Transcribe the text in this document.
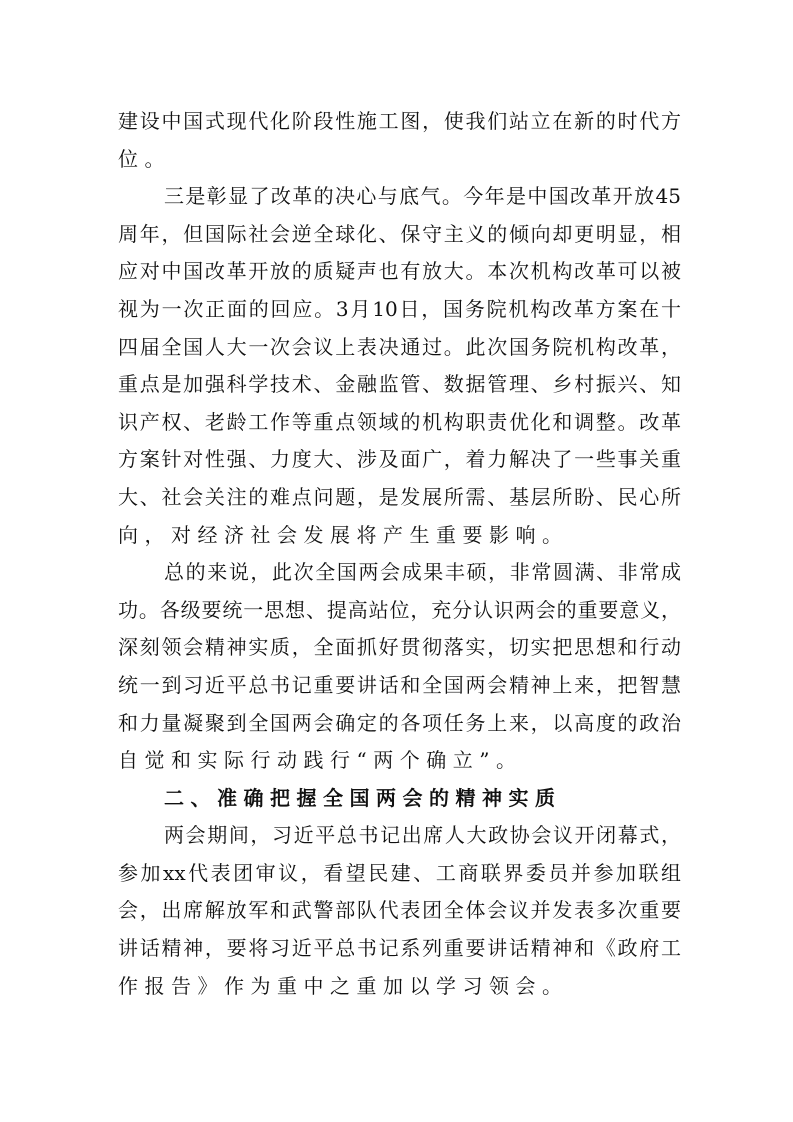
建设中国式现代化阶段性施工图，使我们站立在新的时代方
位。
三是彰显了改革的决心与底气。今年是中国改革开放45
周年，但国际社会逆全球化、保守主义的倾向却更明显，相
应对中国改革开放的质疑声也有放大。本次机构改革可以被
视为一次正面的回应。3月10日，国务院机构改革方案在十
四届全国人大一次会议上表决通过。此次国务院机构改革，
重点是加强科学技术、金融监管、数据管理、乡村振兴、知
识产权、老龄工作等重点领域的机构职责优化和调整。改革
方案针对性强、力度大、涉及面广，着力解决了一些事关重
大、社会关注的难点问题，是发展所需、基层所盼、民心所
向，对经济社会发展将产生重要影响。
总的来说，此次全国两会成果丰硕，非常圆满、非常成
功。各级要统一思想、提高站位，充分认识两会的重要意义，
深刻领会精神实质，全面抓好贯彻落实，切实把思想和行动
统一到习近平总书记重要讲话和全国两会精神上来，把智慧
和力量凝聚到全国两会确定的各项任务上来，以高度的政治
自觉和实际行动践行“两个确立”。
二、准确把握全国两会的精神实质
两会期间，习近平总书记出席人大政协会议开闭幕式，
参加xx代表团审议，看望民建、工商联界委员并参加联组
会，出席解放军和武警部队代表团全体会议并发表多次重要
讲话精神，要将习近平总书记系列重要讲话精神和《政府工
作报告》作为重中之重加以学习领会。
